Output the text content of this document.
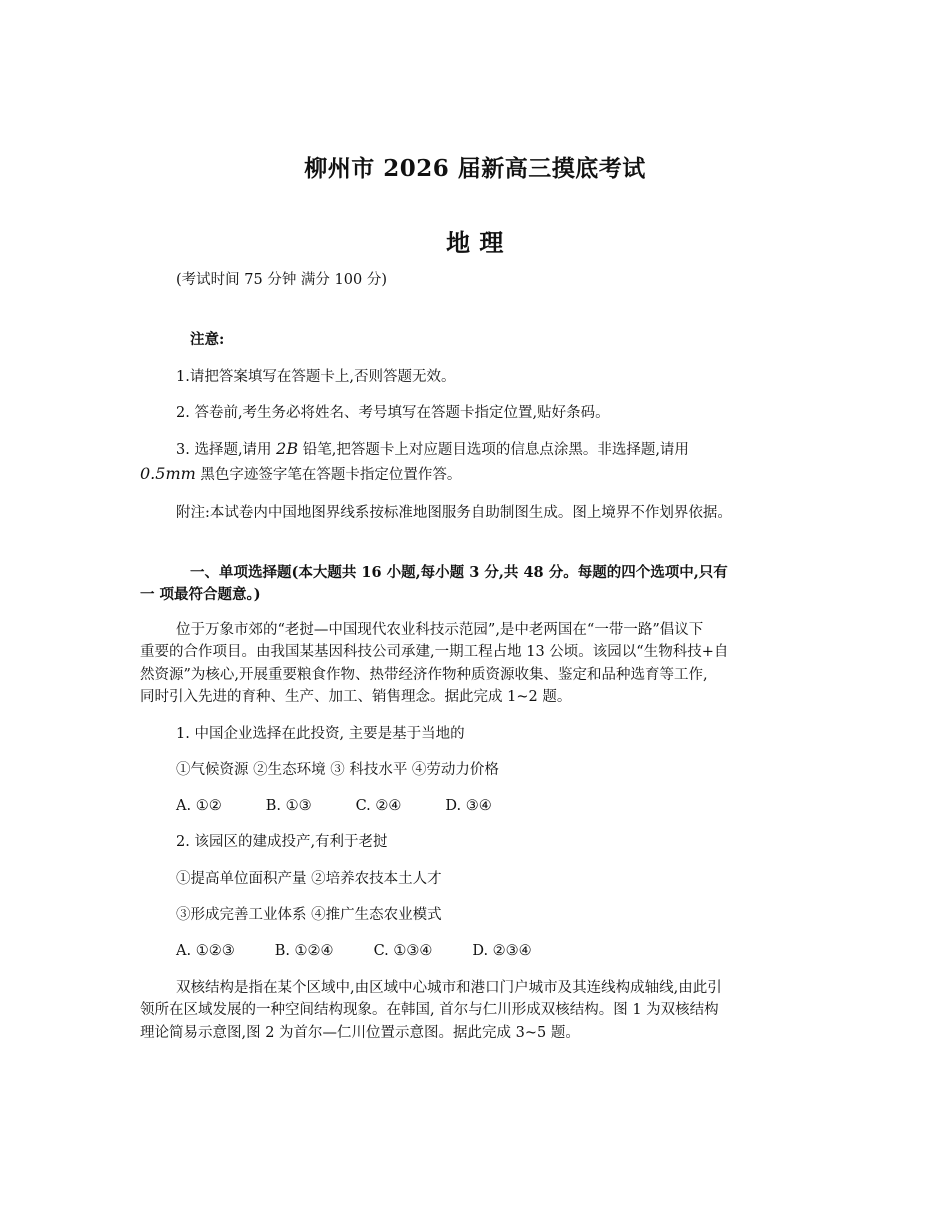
柳州市 2026 届新高三摸底考试
地 理
(考试时间 75 分钟 满分 100 分)
注意:
1.请把答案填写在答题卡上,否则答题无效。
2. 答卷前,考生务必将姓名、考号填写在答题卡指定位置,贴好条码。
3. 选择题,请用 2B 铅笔,把答题卡上对应题目选项的信息点涂黑。非选择题,请用
0.5mm 黑色字迹签字笔在答题卡指定位置作答。
附注:本试卷内中国地图界线系按标准地图服务自助制图生成。图上境界不作划界依据。
一、单项选择题(本大题共 16 小题,每小题 3 分,共 48 分。每题的四个选项中,只有
一 项最符合题意。)
位于万象市郊的“老挝—中国现代农业科技示范园”,是中老两国在“一带一路”倡议下
重要的合作项目。由我国某基因科技公司承建,一期工程占地 13 公顷。该园以“生物科技+自
然资源”为核心,开展重要粮食作物、热带经济作物种质资源收集、鉴定和品种选育等工作,
同时引入先进的育种、生产、加工、销售理念。据此完成 1~2 题。
1. 中国企业选择在此投资, 主要是基于当地的
①气候资源 ②生态环境 ③ 科技水平 ④劳动力价格
A. ①②	B. ①③	C. ②④	D. ③④
2. 该园区的建成投产,有利于老挝
①提高单位面积产量 ②培养农技本土人才
③形成完善工业体系 ④推广生态农业模式
A. ①②③	B. ①②④	C. ①③④	D. ②③④
双核结构是指在某个区域中,由区域中心城市和港口门户城市及其连线构成轴线,由此引
领所在区域发展的一种空间结构现象。在韩国, 首尔与仁川形成双核结构。图 1 为双核结构
理论简易示意图,图 2 为首尔—仁川位置示意图。据此完成 3~5 题。
